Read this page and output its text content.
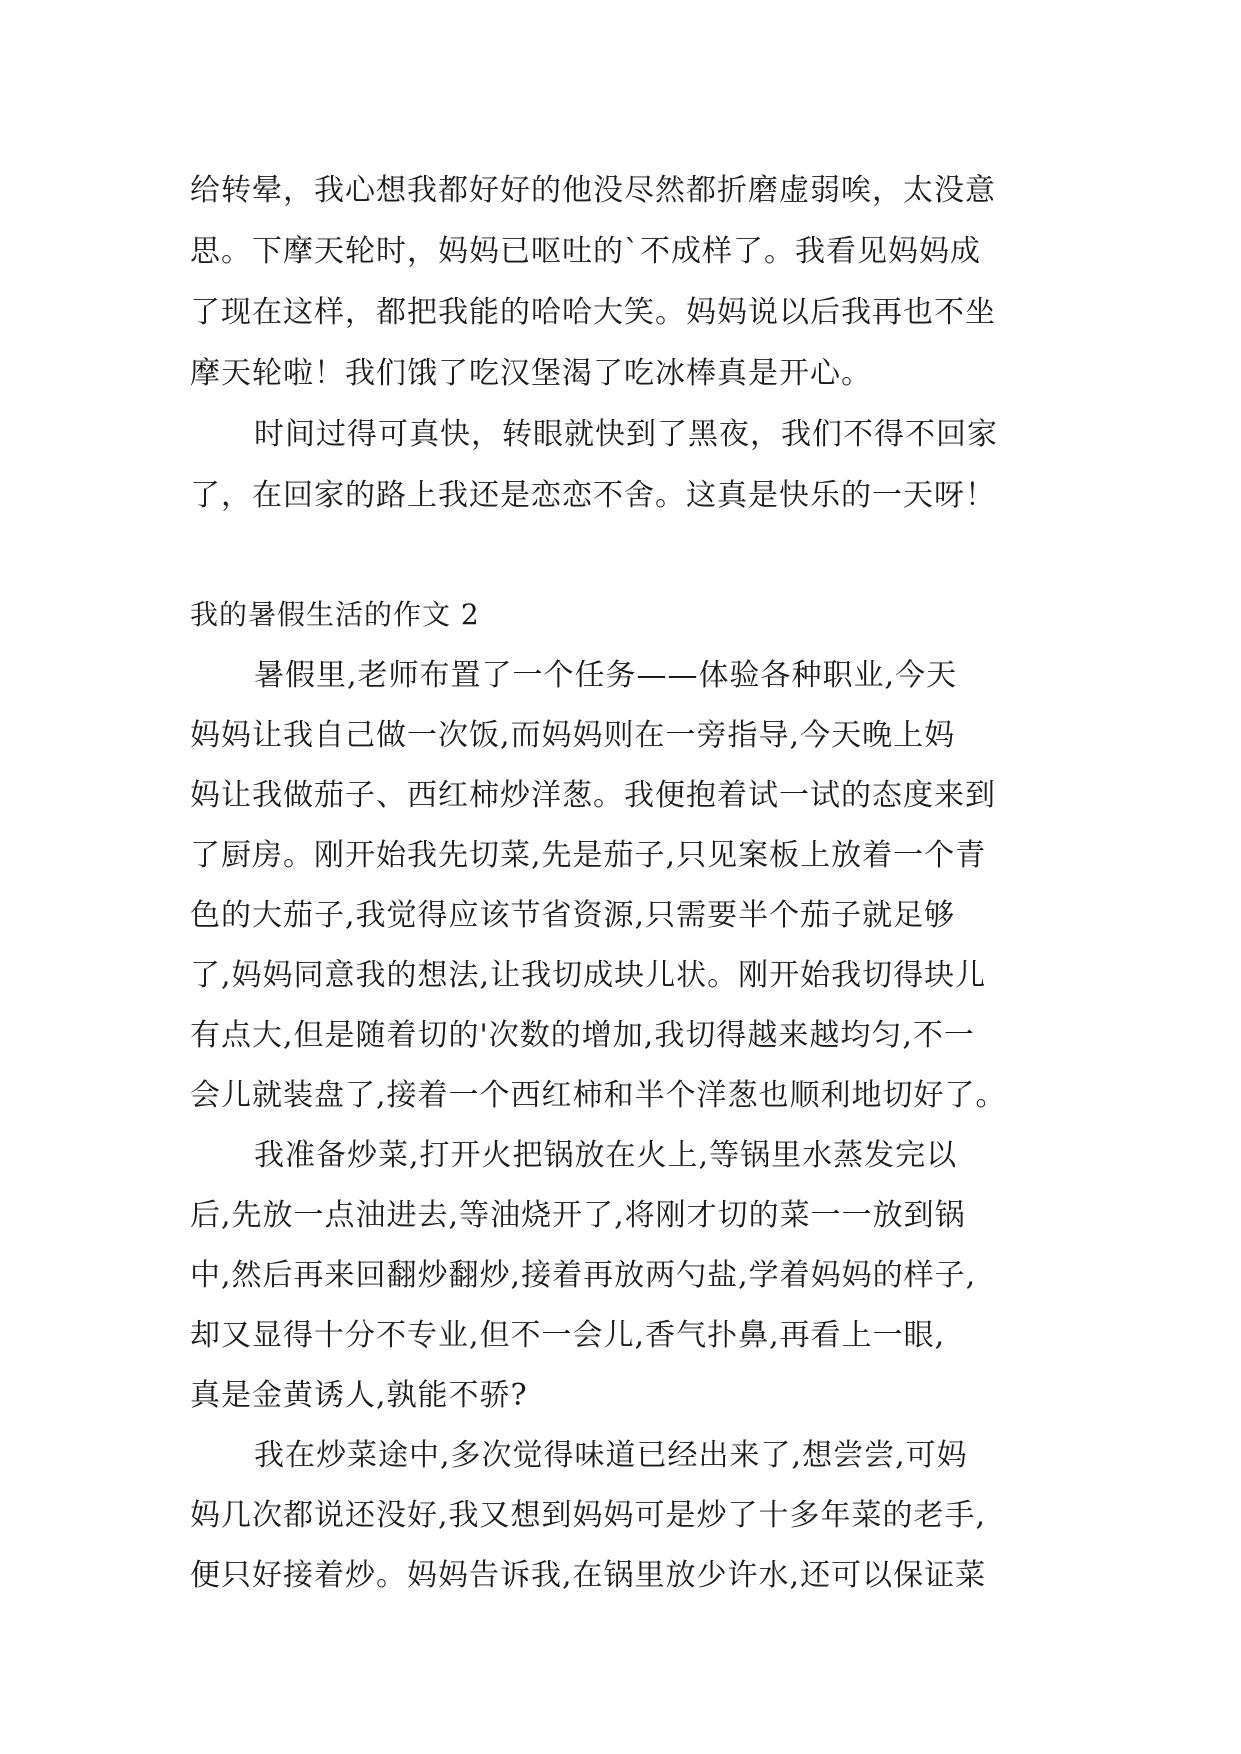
给转晕，我心想我都好好的他没尽然都折磨虚弱唉，太没意
思。下摩天轮时，妈妈已呕吐的`不成样了。我看见妈妈成
了现在这样，都把我能的哈哈大笑。妈妈说以后我再也不坐
摩天轮啦！我们饿了吃汉堡渴了吃冰棒真是开心。
时间过得可真快，转眼就快到了黑夜，我们不得不回家
了，在回家的路上我还是恋恋不舍。这真是快乐的一天呀！
我的暑假生活的作文 2
暑假里,老师布置了一个任务——体验各种职业,今天
妈妈让我自己做一次饭,而妈妈则在一旁指导,今天晚上妈
妈让我做茄子、西红柿炒洋葱。我便抱着试一试的态度来到
了厨房。刚开始我先切菜,先是茄子,只见案板上放着一个青
色的大茄子,我觉得应该节省资源,只需要半个茄子就足够
了,妈妈同意我的想法,让我切成块儿状。刚开始我切得块儿
有点大,但是随着切的'次数的增加,我切得越来越均匀,不一
会儿就装盘了,接着一个西红柿和半个洋葱也顺利地切好了。
我准备炒菜,打开火把锅放在火上,等锅里水蒸发完以
后,先放一点油进去,等油烧开了,将刚才切的菜一一放到锅
中,然后再来回翻炒翻炒,接着再放两勺盐,学着妈妈的样子,
却又显得十分不专业,但不一会儿,香气扑鼻,再看上一眼,
真是金黄诱人,孰能不骄?
我在炒菜途中,多次觉得味道已经出来了,想尝尝,可妈
妈几次都说还没好,我又想到妈妈可是炒了十多年菜的老手,
便只好接着炒。妈妈告诉我,在锅里放少许水,还可以保证菜
